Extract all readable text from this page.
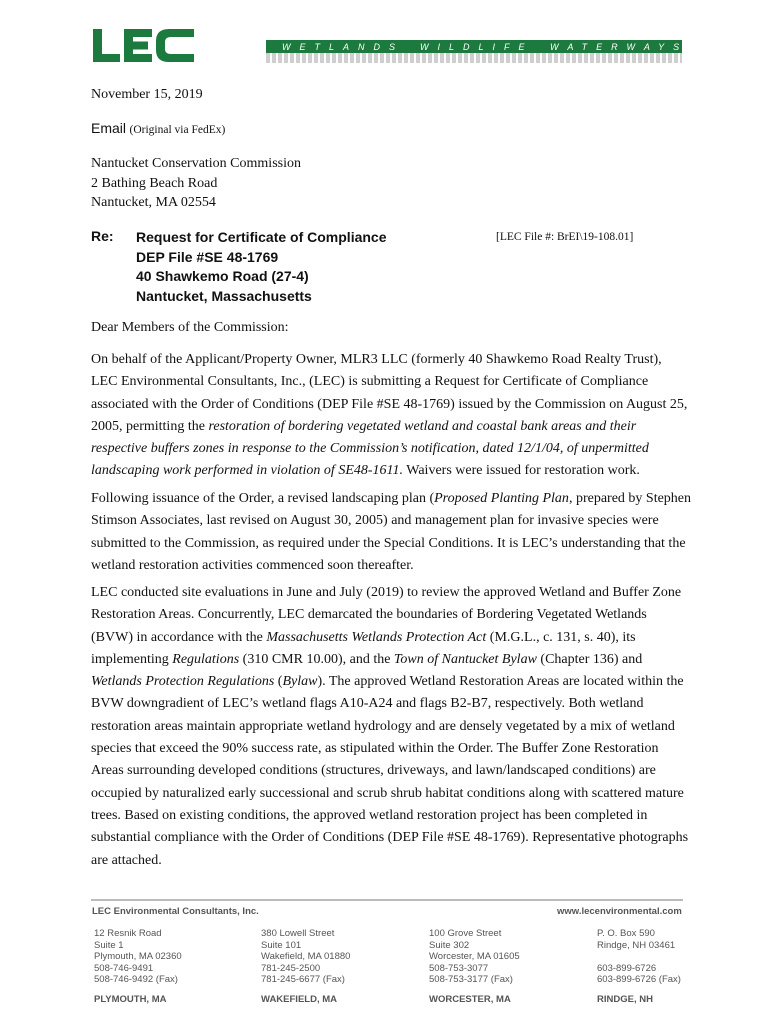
WETLANDS WILDLIFE WATERWAYS
November 15, 2019
Email (Original via FedEx)
Nantucket Conservation Commission
2 Bathing Beach Road
Nantucket, MA 02554
Re: Request for Certificate of Compliance
DEP File #SE 48-1769
40 Shawkemo Road (27-4)
Nantucket, Massachusetts
[LEC File #: BrEI\19-108.01]
Dear Members of the Commission:

On behalf of the Applicant/Property Owner, MLR3 LLC (formerly 40 Shawkemo Road Realty Trust), LEC Environmental Consultants, Inc., (LEC) is submitting a Request for Certificate of Compliance associated with the Order of Conditions (DEP File #SE 48-1769) issued by the Commission on August 25, 2005, permitting the restoration of bordering vegetated wetland and coastal bank areas and their respective buffers zones in response to the Commission’s notification, dated 12/1/04, of unpermitted landscaping work performed in violation of SE48-1611. Waivers were issued for restoration work.

Following issuance of the Order, a revised landscaping plan (Proposed Planting Plan, prepared by Stephen Stimson Associates, last revised on August 30, 2005) and management plan for invasive species were submitted to the Commission, as required under the Special Conditions. It is LEC’s understanding that the wetland restoration activities commenced soon thereafter.

LEC conducted site evaluations in June and July (2019) to review the approved Wetland and Buffer Zone Restoration Areas. Concurrently, LEC demarcated the boundaries of Bordering Vegetated Wetlands (BVW) in accordance with the Massachusetts Wetlands Protection Act (M.G.L., c. 131, s. 40), its implementing Regulations (310 CMR 10.00), and the Town of Nantucket Bylaw (Chapter 136) and Wetlands Protection Regulations (Bylaw). The approved Wetland Restoration Areas are located within the BVW downgradient of LEC’s wetland flags A10-A24 and flags B2-B7, respectively. Both wetland restoration areas maintain appropriate wetland hydrology and are densely vegetated by a mix of wetland species that exceed the 90% success rate, as stipulated within the Order. The Buffer Zone Restoration Areas surrounding developed conditions (structures, driveways, and lawn/landscaped conditions) are occupied by naturalized early successional and scrub shrub habitat conditions along with scattered mature trees. Based on existing conditions, the approved wetland restoration project has been completed in substantial compliance with the Order of Conditions (DEP File #SE 48-1769). Representative photographs are attached.

LEC Environmental Consultants, Inc.	www.lecenvironmental.com
12 Resnik Road
Suite 1
Plymouth, MA 02360
508-746-9491
508-746-9492 (Fax)
PLYMOUTH, MA
380 Lowell Street
Suite 101
Wakefield, MA 01880
781-245-2500
781-245-6677 (Fax)
WAKEFIELD, MA
100 Grove Street
Suite 302
Worcester, MA 01605
508-753-3077
508-753-3177 (Fax)
WORCESTER, MA
P. O. Box 590
Rindge, NH 03461
603-899-6726
603-899-6726 (Fax)
RINDGE, NH
